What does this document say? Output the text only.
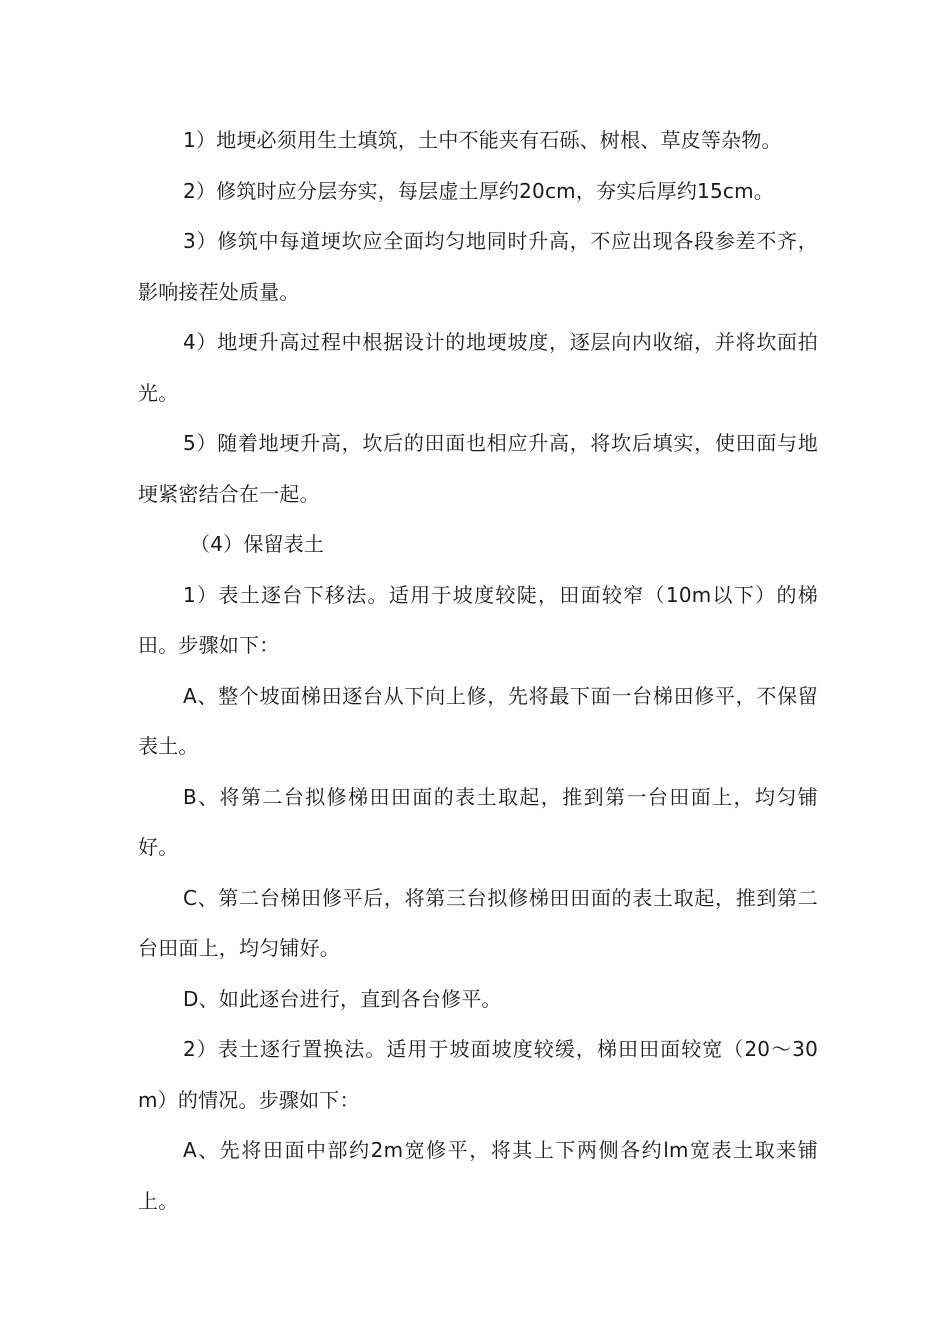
1）地埂必须用生土填筑，土中不能夹有石砾、树根、草皮等杂物。

2）修筑时应分层夯实，每层虚土厚约20cm，夯实后厚约15cm。

3）修筑中每道埂坎应全面均匀地同时升高，不应出现各段参差不齐，影响接茬处质量。

4）地埂升高过程中根据设计的地埂坡度，逐层向内收缩，并将坎面拍光。

5）随着地埂升高，坎后的田面也相应升高，将坎后填实，使田面与地埂紧密结合在一起。

（4）保留表土

1）表土逐台下移法。适用于坡度较陡，田面较窄（10m以下）的梯田。步骤如下：

A、整个坡面梯田逐台从下向上修，先将最下面一台梯田修平，不保留表土。

B、将第二台拟修梯田田面的表土取起，推到第一台田面上，均匀铺好。

C、第二台梯田修平后，将第三台拟修梯田田面的表土取起，推到第二台田面上，均匀铺好。

D、如此逐台进行，直到各台修平。

2）表土逐行置换法。适用于坡面坡度较缓，梯田田面较宽（20～30m）的情况。步骤如下：

A、先将田面中部约2m宽修平，将其上下两侧各约lm宽表土取来铺上。
